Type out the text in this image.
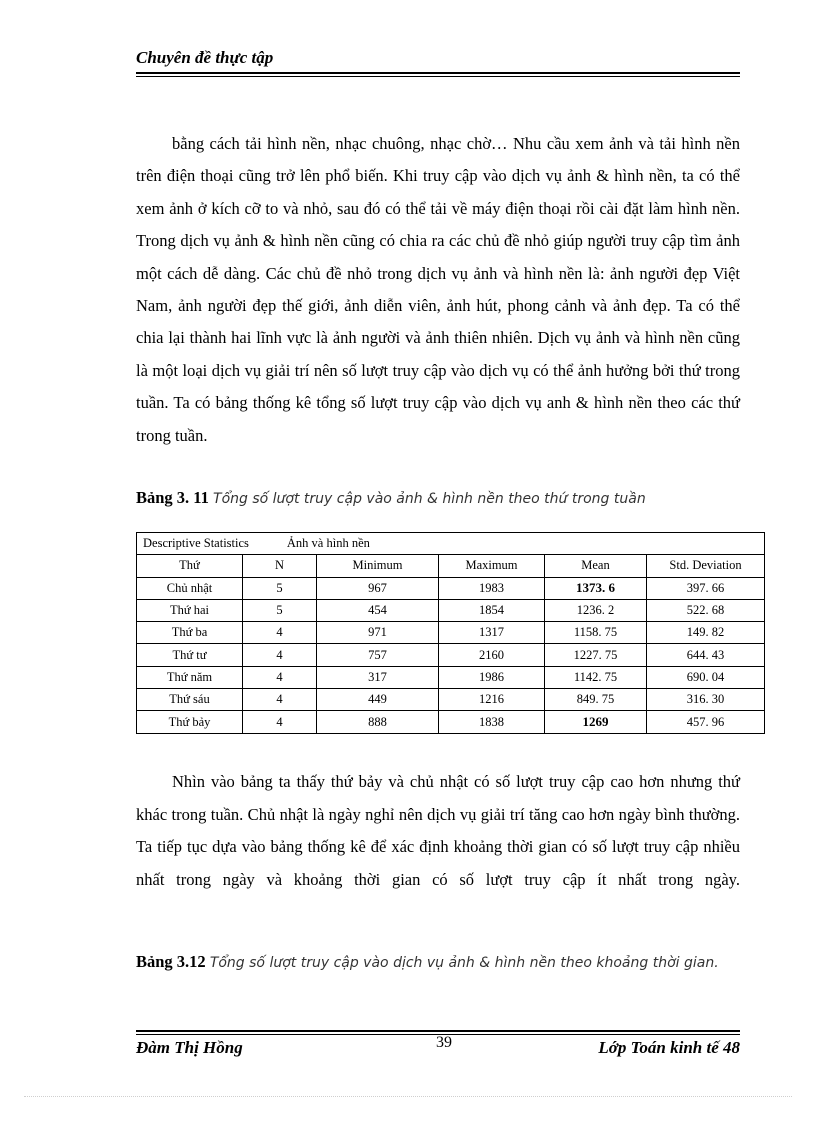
Chuyên đề thực tập

bằng cách tải hình nền, nhạc chuông, nhạc chờ… Nhu cầu xem ảnh và tải hình nền trên điện thoại cũng trở lên phổ biến. Khi truy cập vào dịch vụ ảnh & hình nền, ta có thể xem ảnh ở kích cỡ to và nhỏ, sau đó có thể tải về máy điện thoại rồi cài đặt làm hình nền. Trong dịch vụ ảnh & hình nền cũng có chia ra các chủ đề nhỏ giúp người truy cập tìm ảnh một cách dễ dàng. Các chủ đề nhỏ trong dịch vụ ảnh và hình nền là: ảnh người đẹp Việt Nam, ảnh người đẹp thế giới, ảnh diễn viên, ảnh hút, phong cảnh và ảnh đẹp. Ta có thể chia lại thành hai lĩnh vực là ảnh người và ảnh thiên nhiên. Dịch vụ ảnh và hình nền cũng là một loại dịch vụ giải trí nên số lượt truy cập vào dịch vụ có thể ảnh hưởng bởi thứ trong tuần. Ta có bảng thống kê tổng số lượt truy cập vào dịch vụ anh & hình nền theo các thứ trong tuần.

Bảng 3. 11 Tổng số lượt truy cập vào ảnh & hình nền theo thứ trong tuần

Descriptive Statistics Ảnh và hình nền					
Thứ	N	Minimum	Maximum	Mean	Std. Deviation
Chủ nhật	5	967	1983	1373. 6	397. 66
Thứ hai	5	454	1854	1236. 2	522. 68
Thứ ba	4	971	1317	1158. 75	149. 82
Thứ tư	4	757	2160	1227. 75	644. 43
Thứ năm	4	317	1986	1142. 75	690. 04
Thứ sáu	4	449	1216	849. 75	316. 30
Thứ bảy	4	888	1838	1269	457. 96

Nhìn vào bảng ta thấy thứ bảy và chủ nhật có số lượt truy cập cao hơn nhưng thứ khác trong tuần. Chủ nhật là ngày nghỉ nên dịch vụ giải trí tăng cao hơn ngày bình thường. Ta tiếp tục dựa vào bảng thống kê để xác định khoảng thời gian có số lượt truy cập nhiều nhất trong ngày và khoảng thời gian có số lượt truy cập ít nhất trong ngày.

Bảng 3.12 Tổng số lượt truy cập vào dịch vụ ảnh & hình nền theo khoảng thời gian.

Đàm Thị Hồng	39	Lớp Toán kinh tế 48
